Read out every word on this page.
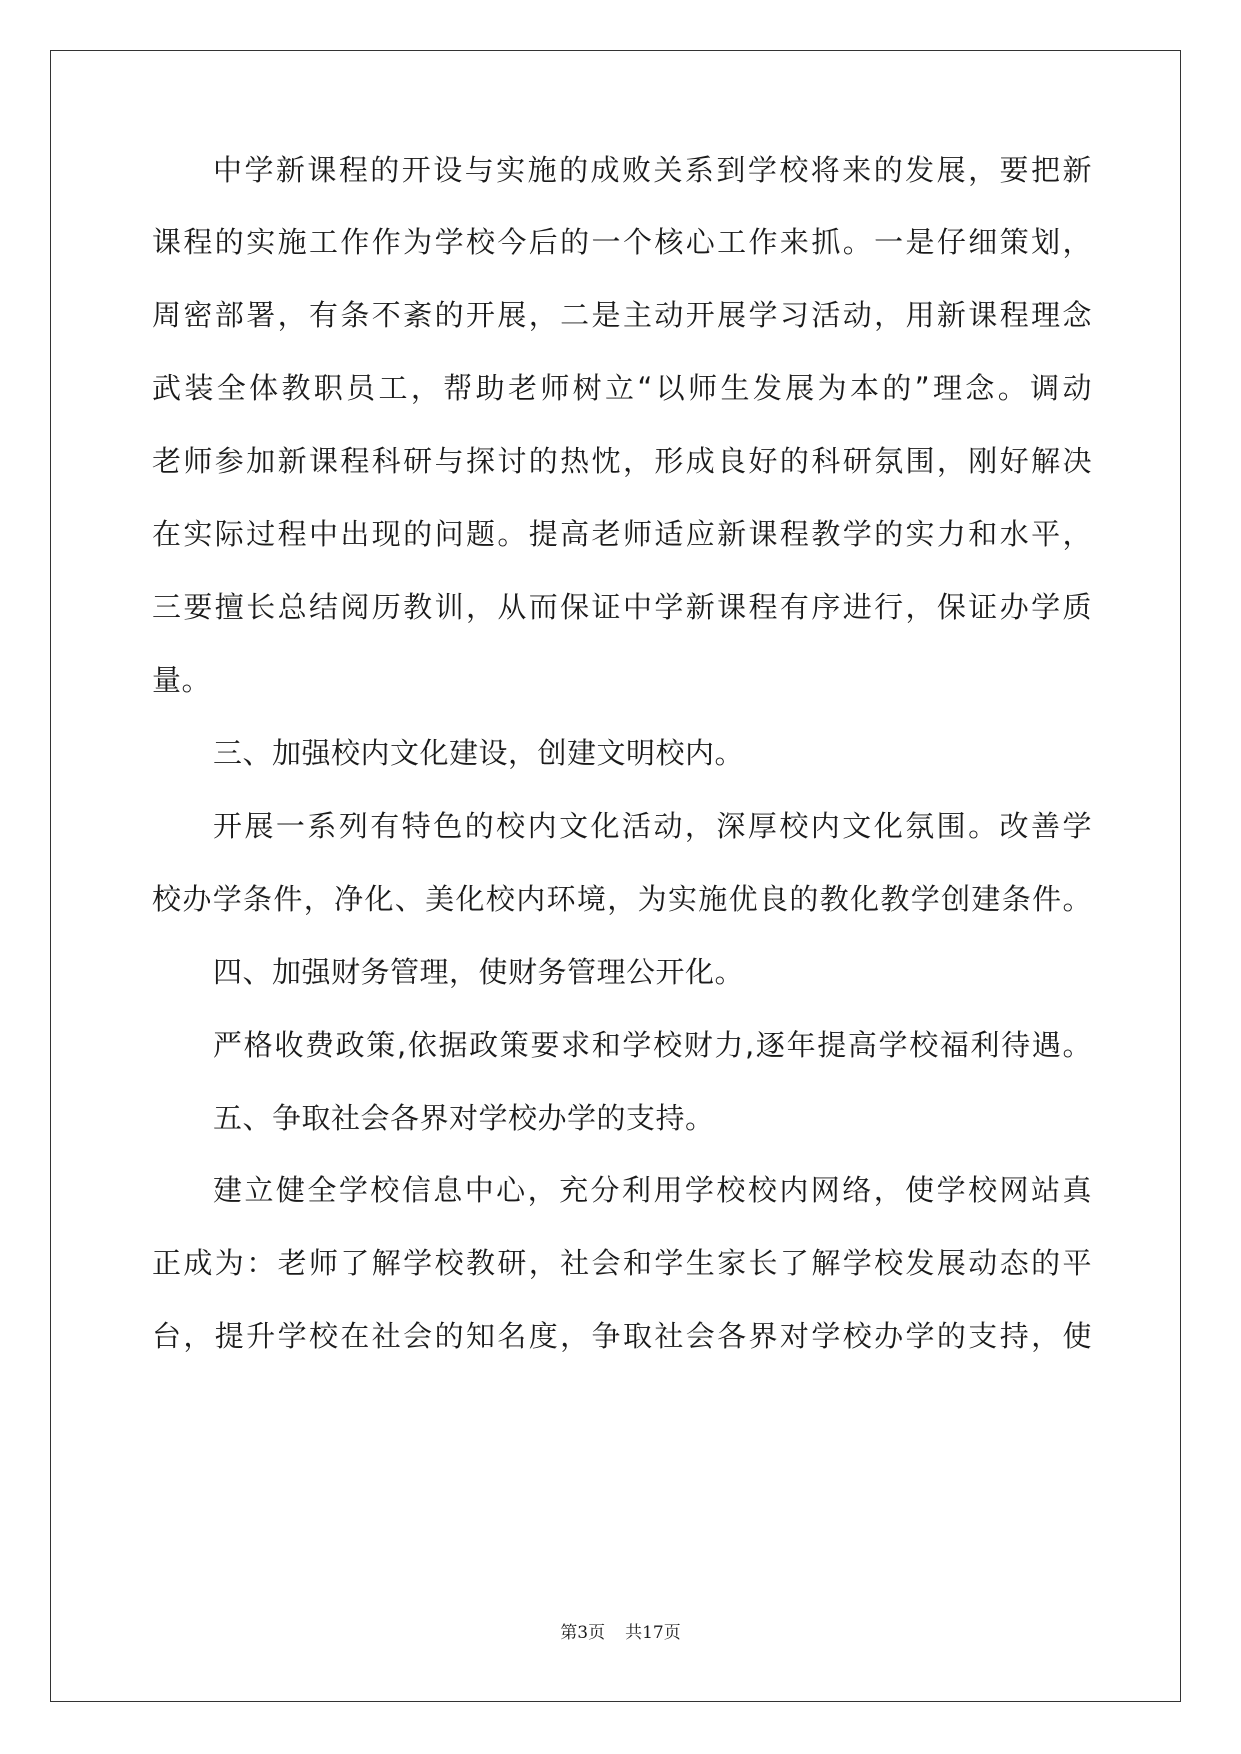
中学新课程的开设与实施的成败关系到学校将来的发展，要把新
课程的实施工作作为学校今后的一个核心工作来抓。一是仔细策划，
周密部署，有条不紊的开展，二是主动开展学习活动，用新课程理念
武装全体教职员工，帮助老师树立“以师生发展为本的”理念。调动
老师参加新课程科研与探讨的热忱，形成良好的科研氛围，刚好解决
在实际过程中出现的问题。提高老师适应新课程教学的实力和水平，
三要擅长总结阅历教训，从而保证中学新课程有序进行，保证办学质
量。
三、加强校内文化建设，创建文明校内。
开展一系列有特色的校内文化活动，深厚校内文化氛围。改善学
校办学条件，净化、美化校内环境，为实施优良的教化教学创建条件。
四、加强财务管理，使财务管理公开化。
严格收费政策,依据政策要求和学校财力,逐年提高学校福利待遇。
五、争取社会各界对学校办学的支持。
建立健全学校信息中心，充分利用学校校内网络，使学校网站真
正成为：老师了解学校教研，社会和学生家长了解学校发展动态的平
台，提升学校在社会的知名度，争取社会各界对学校办学的支持，使
第3页 共17页
